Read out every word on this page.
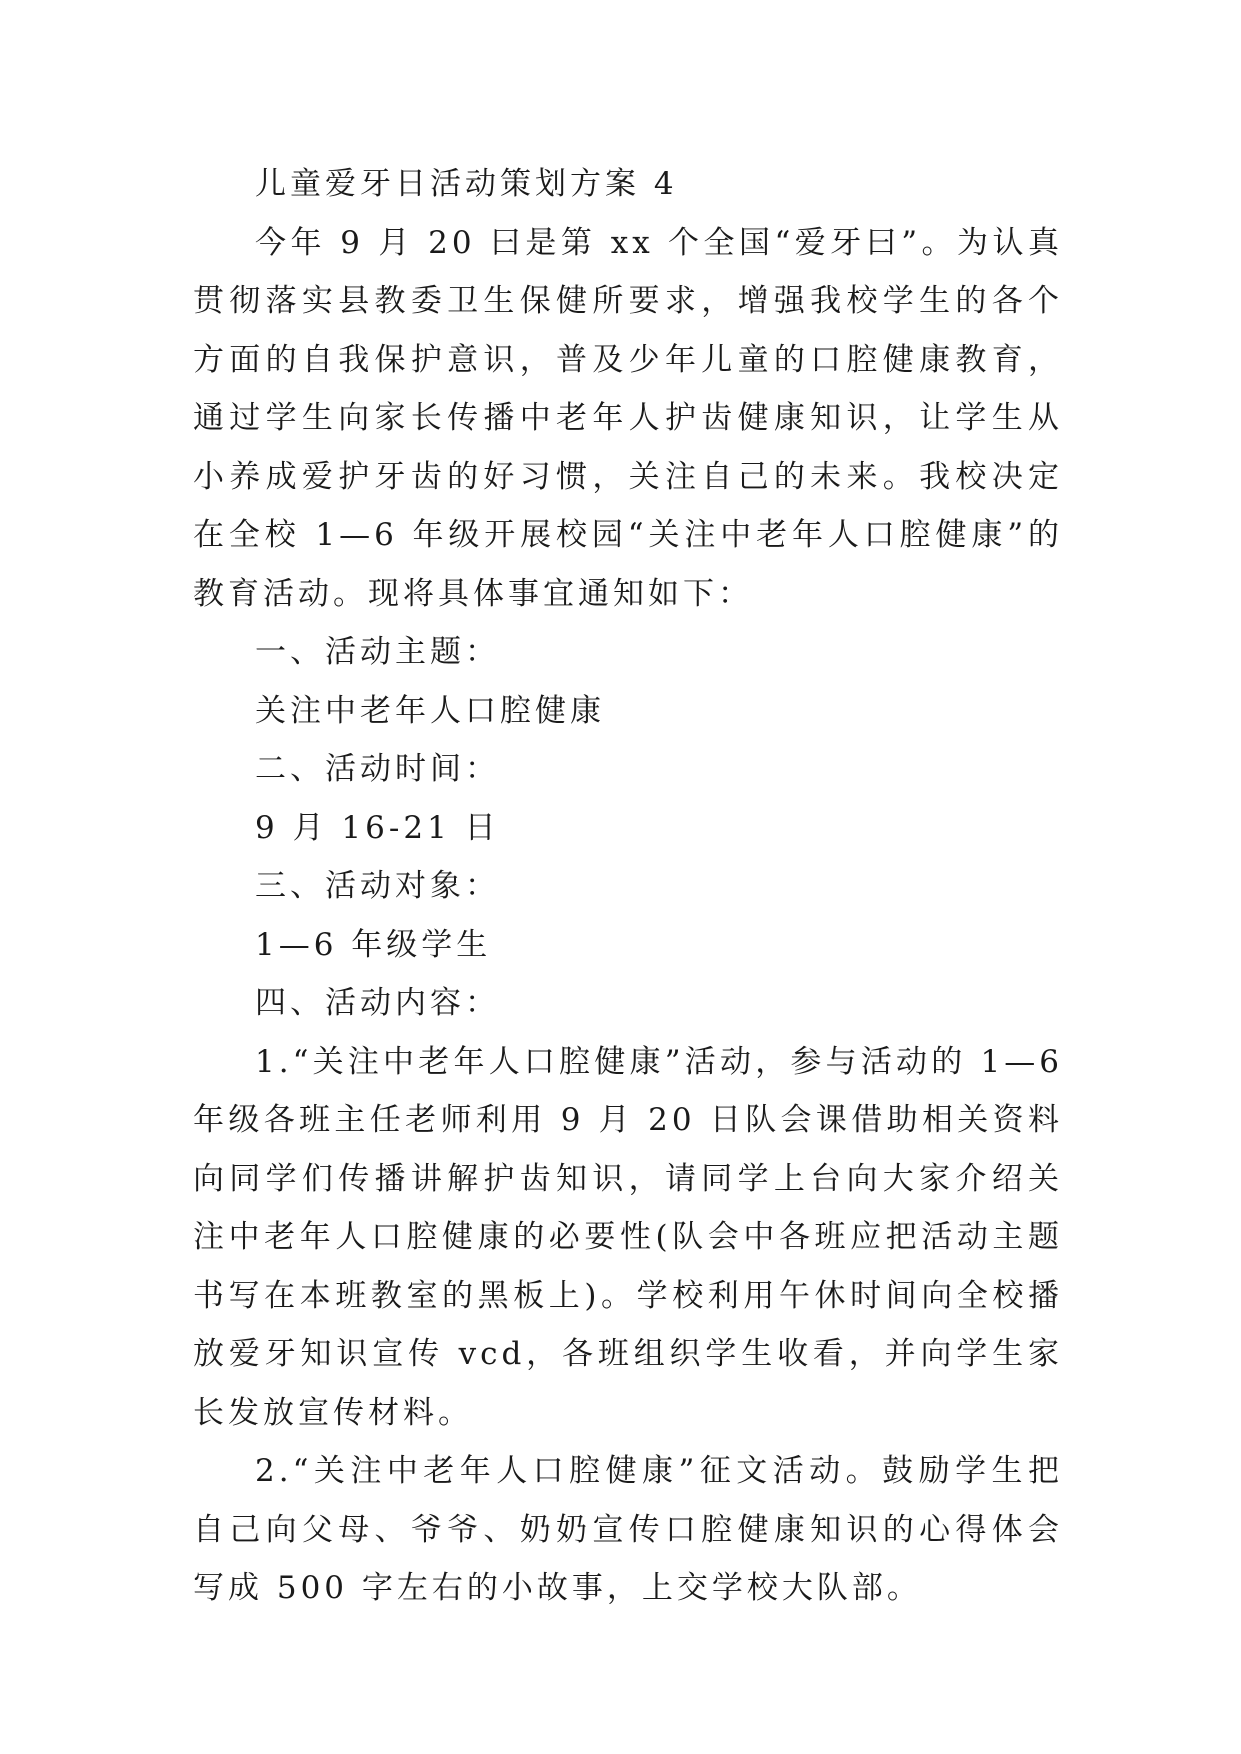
儿童爱牙日活动策划方案 4

今年 9 月 20 曰是第 xx 个全国“爱牙曰”。为认真贯彻落实县教委卫生保健所要求，增强我校学生的各个方面的自我保护意识，普及少年儿童的口腔健康教育，通过学生向家长传播中老年人护齿健康知识，让学生从小养成爱护牙齿的好习惯，关注自己的未来。我校决定在全校 1—6 年级开展校园“关注中老年人口腔健康”的教育活动。现将具体事宜通知如下：

一、活动主题：

关注中老年人口腔健康

二、活动时间：

9 月 16-21 日

三、活动对象：

1—6 年级学生

四、活动内容：

1.“关注中老年人口腔健康”活动，参与活动的 1—6 年级各班主任老师利用 9 月 20 日队会课借助相关资料向同学们传播讲解护齿知识，请同学上台向大家介绍关注中老年人口腔健康的必要性(队会中各班应把活动主题书写在本班教室的黑板上)。学校利用午休时间向全校播放爱牙知识宣传 vcd，各班组织学生收看，并向学生家长发放宣传材料。

2.“关注中老年人口腔健康”征文活动。鼓励学生把自己向父母、爷爷、奶奶宣传口腔健康知识的心得体会写成 500 字左右的小故事，上交学校大队部。
